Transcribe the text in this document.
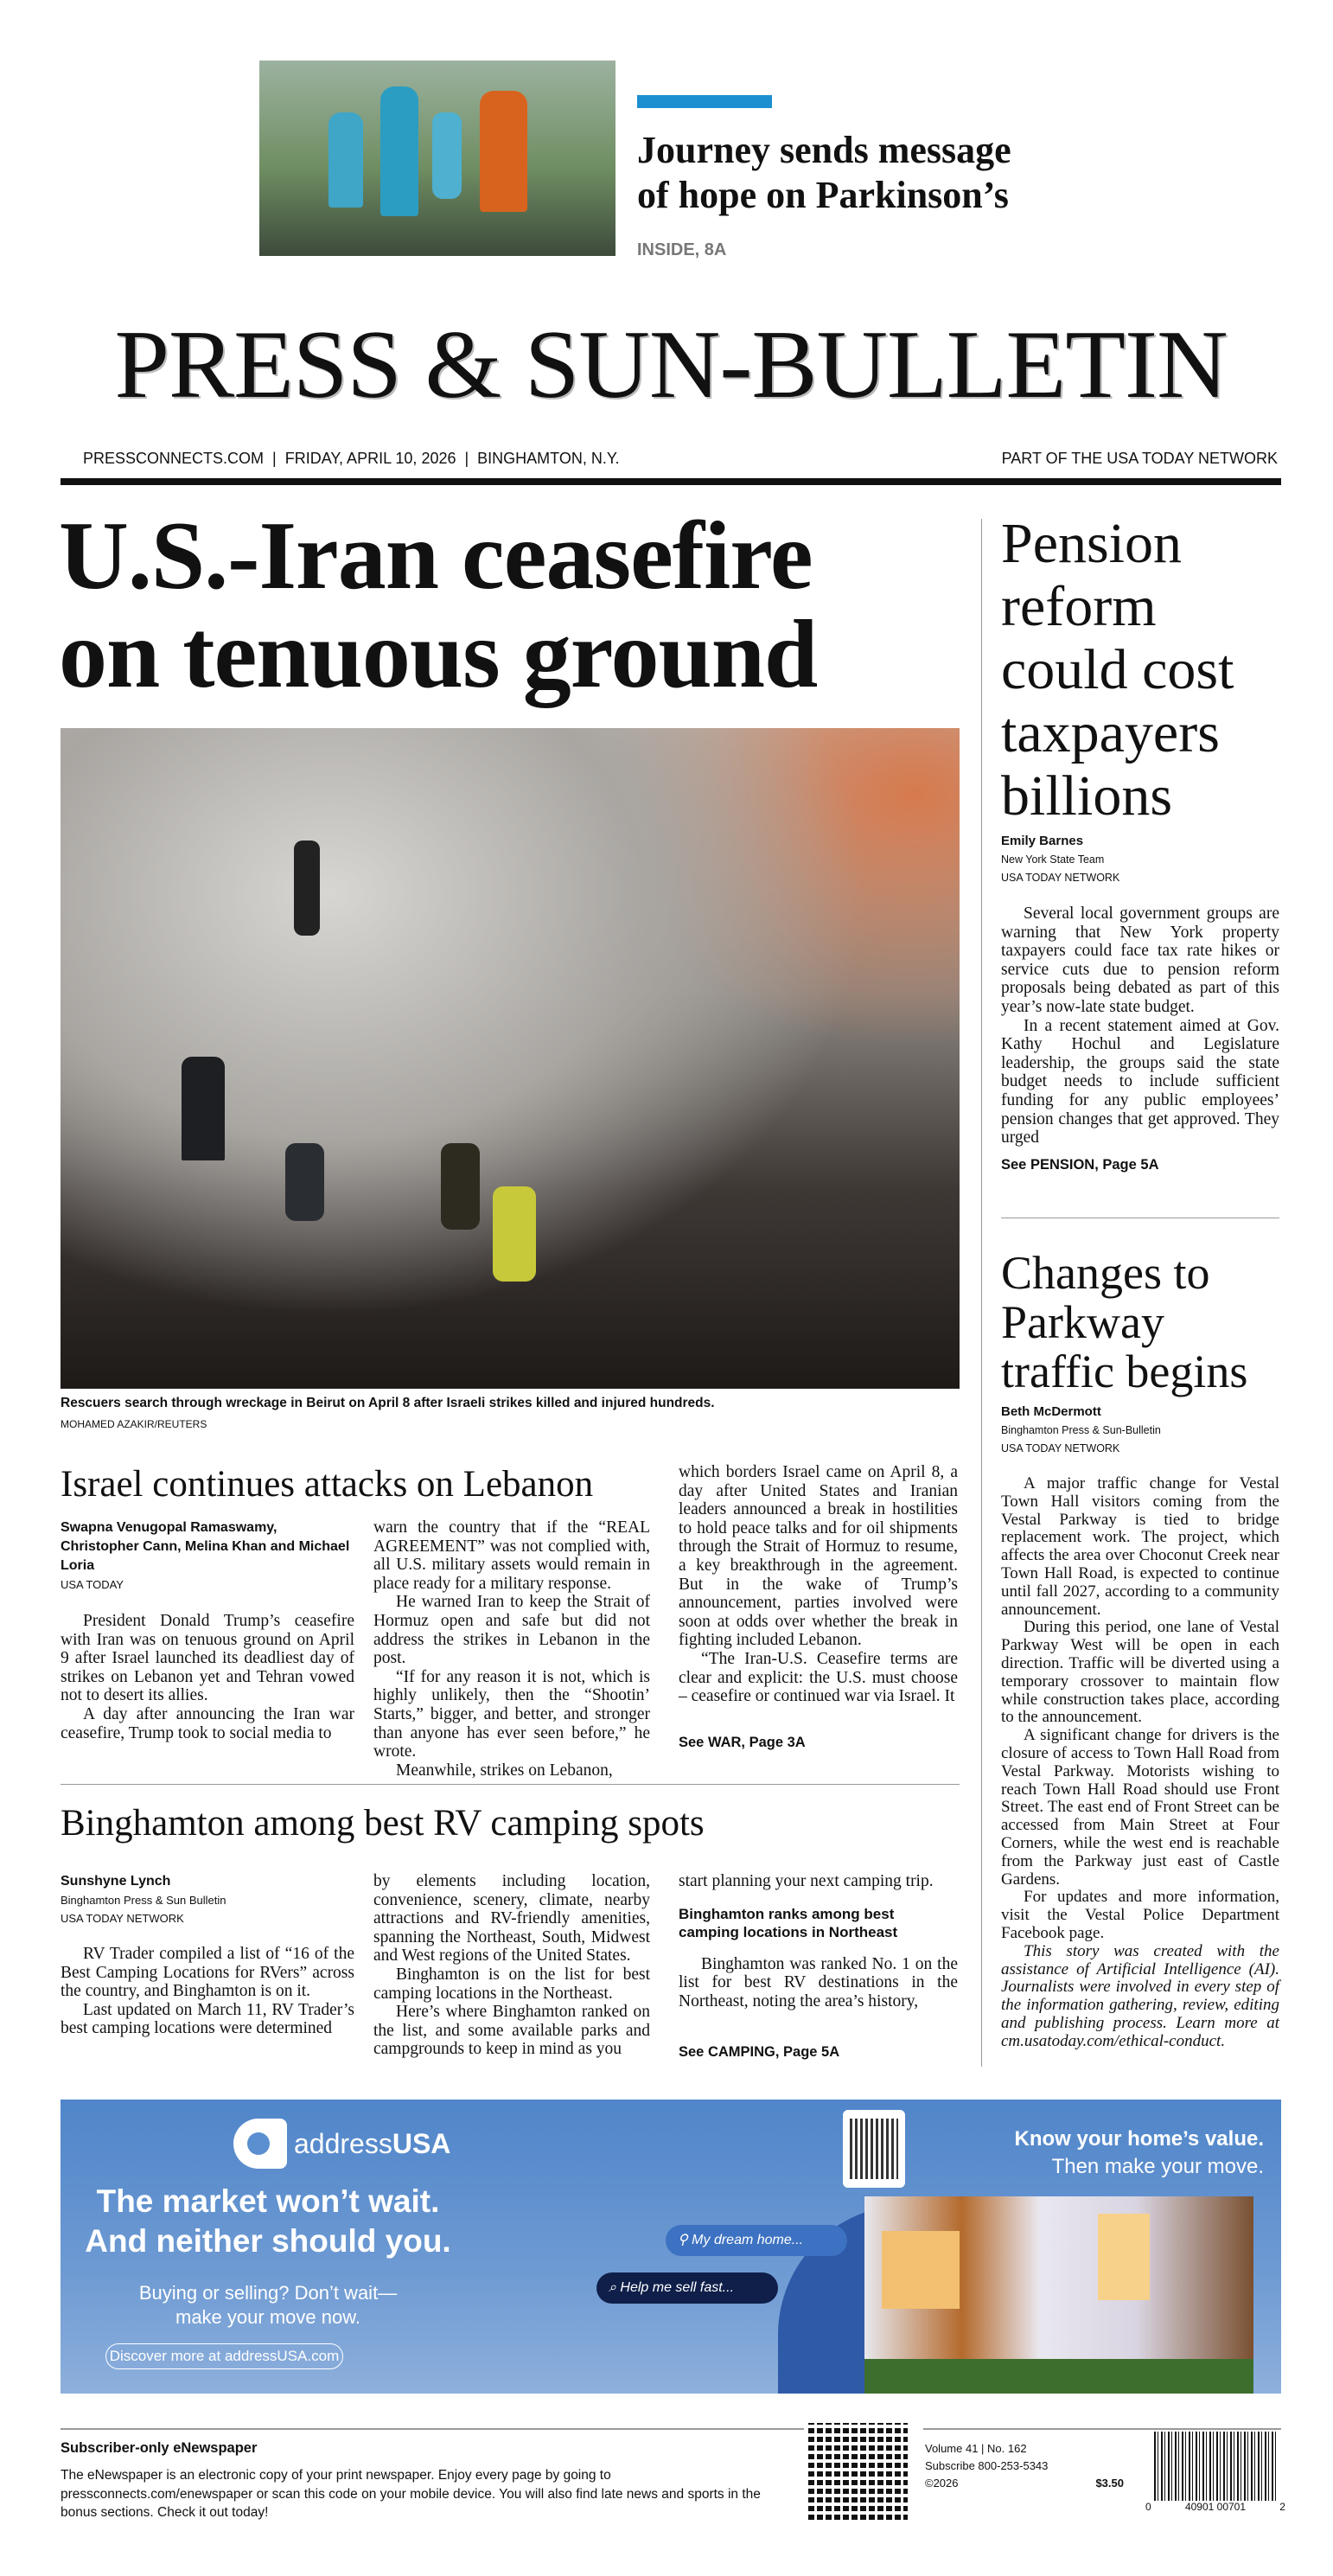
Journey sends message
of hope on Parkinson’s
INSIDE, 8A
PRESS & SUN-BULLETIN
PRESSCONNECTS.COM  |  FRIDAY, APRIL 10, 2026  |  BINGHAMTON, N.Y.	PART OF THE USA TODAY NETWORK
U.S.-Iran ceasefire
on tenuous ground
Rescuers search through wreckage in Beirut on April 8 after Israeli strikes killed and injured hundreds.
MOHAMED AZAKIR/REUTERS
Israel continues attacks on Lebanon
Swapna Venugopal Ramaswamy, Christopher Cann, Melina Khan and Michael Loria
USA TODAY

President Donald Trump’s ceasefire with Iran was on tenuous ground on April 9 after Israel launched its deadliest day of strikes on Lebanon yet and Tehran vowed not to desert its allies.

A day after announcing the Iran war ceasefire, Trump took to social media to

warn the country that if the “REAL AGREEMENT” was not complied with, all U.S. military assets would remain in place ready for a military response.

He warned Iran to keep the Strait of Hormuz open and safe but did not address the strikes in Lebanon in the post.

“If for any reason it is not, which is highly unlikely, then the “Shootin’ Starts,” bigger, and better, and stronger than anyone has ever seen before,” he wrote.

Meanwhile, strikes on Lebanon,

which borders Israel came on April 8, a day after United States and Iranian leaders announced a break in hostilities to hold peace talks and for oil shipments through the Strait of Hormuz to resume, a key breakthrough in the agreement. But in the wake of Trump’s announcement, parties involved were soon at odds over whether the break in fighting included Lebanon.

“The Iran-U.S. Ceasefire terms are clear and explicit: the U.S. must choose – ceasefire or continued war via Israel. It

See WAR, Page 3A
Binghamton among best RV camping spots
Sunshyne Lynch
Binghamton Press & Sun Bulletin
USA TODAY NETWORK

RV Trader compiled a list of “16 of the Best Camping Locations for RVers” across the country, and Binghamton is on it.

Last updated on March 11, RV Trader’s best camping locations were determined

by elements including location, convenience, scenery, climate, nearby attractions and RV-friendly amenities, spanning the Northeast, South, Midwest and West regions of the United States.

Binghamton is on the list for best camping locations in the Northeast.

Here’s where Binghamton ranked on the list, and some available parks and campgrounds to keep in mind as you

start planning your next camping trip.
Binghamton ranks among best camping locations in Northeast

Binghamton was ranked No. 1 on the list for best RV destinations in the Northeast, noting the area’s history,

See CAMPING, Page 5A
Pension reform could cost taxpayers billions
Emily Barnes
New York State Team
USA TODAY NETWORK

Several local government groups are warning that New York property taxpayers could face tax rate hikes or service cuts due to pension reform proposals being debated as part of this year’s now-late state budget.

In a recent statement aimed at Gov. Kathy Hochul and Legislature leadership, the groups said the state budget needs to include sufficient funding for any public employees’ pension changes that get approved. They urged

See PENSION, Page 5A
Changes to Parkway traffic begins
Beth McDermott
Binghamton Press & Sun-Bulletin
USA TODAY NETWORK

A major traffic change for Vestal Town Hall visitors coming from the Vestal Parkway is tied to bridge replacement work. The project, which affects the area over Choconut Creek near Town Hall Road, is expected to continue until fall 2027, according to a community announcement.

During this period, one lane of Vestal Parkway West will be open in each direction. Traffic will be diverted using a temporary crossover to maintain flow while construction takes place, according to the announcement.

A significant change for drivers is the closure of access to Town Hall Road from Vestal Parkway. Motorists wishing to reach Town Hall Road should use Front Street. The east end of Front Street can be accessed from Main Street at Four Corners, while the west end is reachable from the Parkway just east of Castle Gardens.

For updates and more information, visit the Vestal Police Department Facebook page.

This story was created with the assistance of Artificial Intelligence (AI). Journalists were involved in every step of the information gathering, review, editing and publishing process. Learn more at cm.usatoday.com/ethical-conduct.

address USA
The market won’t wait.
And neither should you.
Buying or selling? Don’t wait—
make your move now.
Discover more at addressUSA.com
Know your home’s value.
Then make your move.
⚲ My dream home...
⌕ Help me sell fast...
Subscriber-only eNewspaper
The eNewspaper is an electronic copy of your print newspaper. Enjoy every page by going to pressconnects.com/enewspaper or scan this code on your mobile device. You will also find late news and sports in the bonus sections. Check it out today!
Volume 41 | No. 162
Subscribe 800-253-5343
©2026	$3.50
0	40901 00701	2
